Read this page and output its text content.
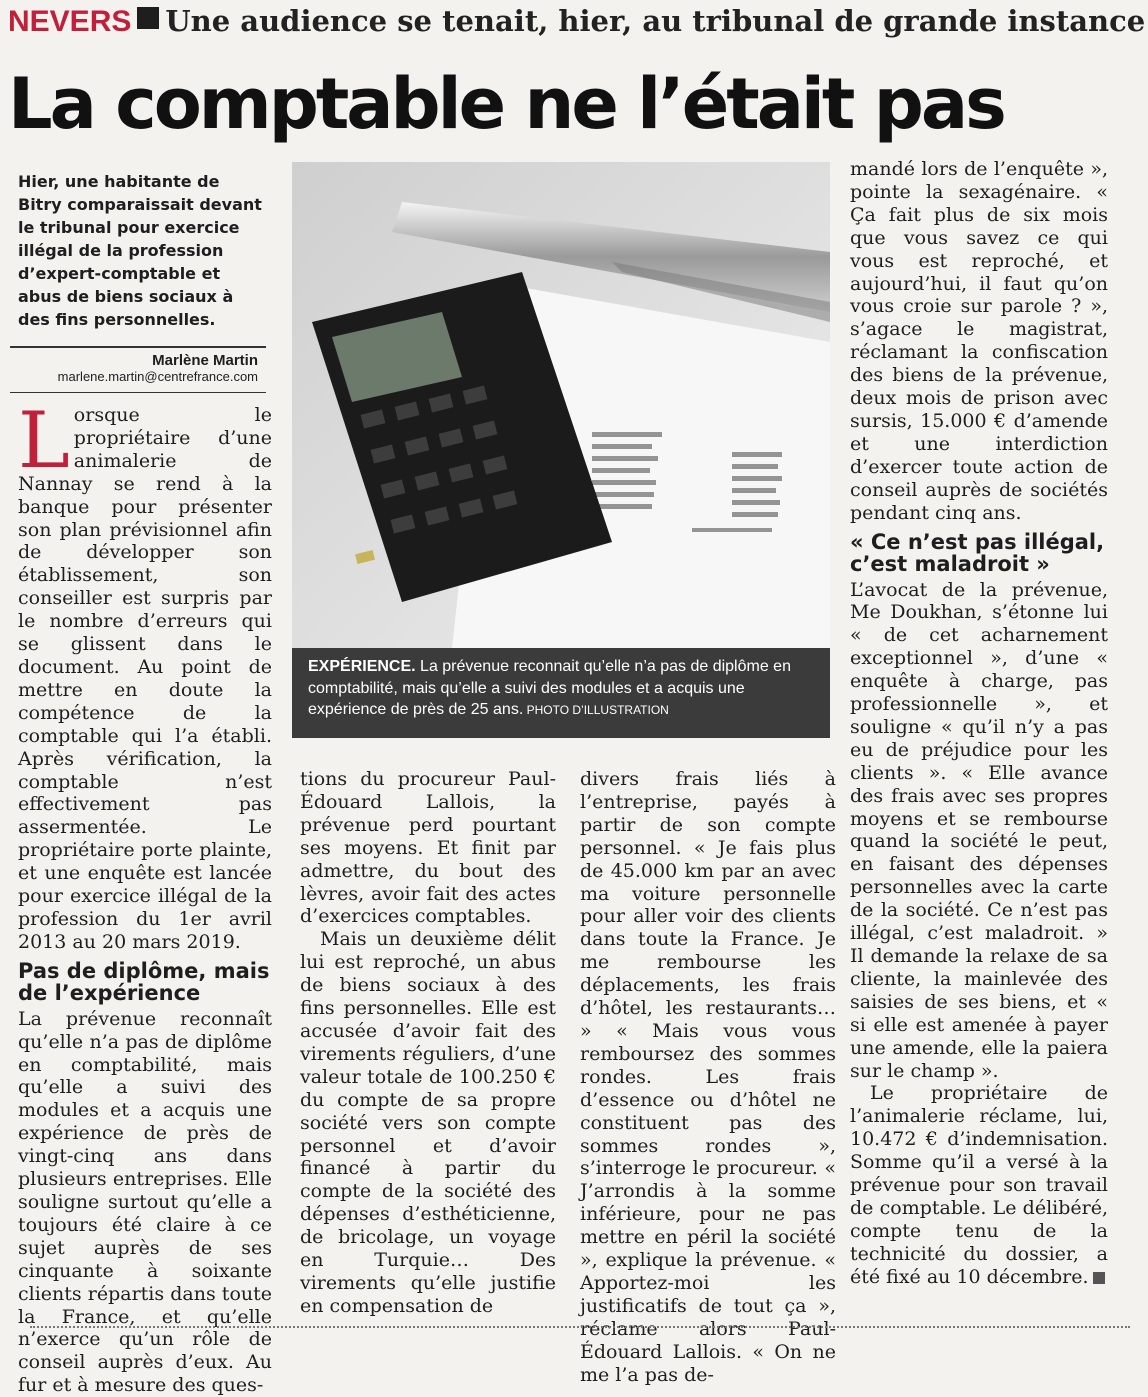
NEVERS Une audience se tenait, hier, au tribunal de grande instance
La comptable ne l’était pas
Hier, une habitante de Bitry comparaissait devant le tribunal pour exercice illégal de la profession d’expert-comptable et abus de biens sociaux à des fins personnelles.
Marlène Martin
marlene.martin@centrefrance.com

Lorsque le propriétaire d’une animalerie de Nannay se rend à la banque pour présenter son plan prévisionnel afin de développer son établissement, son conseiller est surpris par le nombre d’erreurs qui se glissent dans le document. Au point de mettre en doute la compétence de la comptable qui l’a établi. Après vérification, la comptable n’est effectivement pas assermentée. Le propriétaire porte plainte, et une enquête est lancée pour exercice illégal de la profession du 1er avril 2013 au 20 mars 2019.

Pas de diplôme, mais de l’expérience

La prévenue reconnaît qu’elle n’a pas de diplôme en comptabilité, mais qu’elle a suivi des modules et a acquis une expérience de près de vingt-cinq ans dans plusieurs entreprises. Elle souligne surtout qu’elle a toujours été claire à ce sujet auprès de ses cinquante à soixante clients répartis dans toute la France, et qu’elle n’exerce qu’un rôle de conseil auprès d’eux. Au fur et à mesure des ques-

EXPÉRIENCE. La prévenue reconnait qu’elle n’a pas de diplôme en comptabilité, mais qu’elle a suivi des modules et a acquis une expérience de près de 25 ans. PHOTO D’ILLUSTRATION

tions du procureur Paul-Édouard Lallois, la prévenue perd pourtant ses moyens. Et finit par admettre, du bout des lèvres, avoir fait des actes d’exercices comptables.

Mais un deuxième délit lui est reproché, un abus de biens sociaux à des fins personnelles. Elle est accusée d’avoir fait des virements réguliers, d’une valeur totale de 100.250 € du compte de sa propre société vers son compte personnel et d’avoir financé à partir du compte de la société des dépenses d’esthéticienne, de bricolage, un voyage en Turquie… Des virements qu’elle justifie en compensation de

divers frais liés à l’entreprise, payés à partir de son compte personnel. « Je fais plus de 45.000 km par an avec ma voiture personnelle pour aller voir des clients dans toute la France. Je me rembourse les déplacements, les frais d’hôtel, les restaurants… » « Mais vous vous remboursez des sommes rondes. Les frais d’essence ou d’hôtel ne constituent pas des sommes rondes », s’interroge le procureur. « J’arrondis à la somme inférieure, pour ne pas mettre en péril la société », explique la prévenue. « Apportez-moi les justificatifs de tout ça », réclame alors Paul-Édouard Lallois. « On ne me l’a pas de-

mandé lors de l’enquête », pointe la sexagénaire. « Ça fait plus de six mois que vous savez ce qui vous est reproché, et aujourd’hui, il faut qu’on vous croie sur parole ? », s’agace le magistrat, réclamant la confiscation des biens de la prévenue, deux mois de prison avec sursis, 15.000 € d’amende et une interdiction d’exercer toute action de conseil auprès de sociétés pendant cinq ans.

« Ce n’est pas illégal, c’est maladroit »

L’avocat de la prévenue, Me Doukhan, s’étonne lui « de cet acharnement exceptionnel », d’une « enquête à charge, pas professionnelle », et souligne « qu’il n’y a pas eu de préjudice pour les clients ». « Elle avance des frais avec ses propres moyens et se rembourse quand la société le peut, en faisant des dépenses personnelles avec la carte de la société. Ce n’est pas illégal, c’est maladroit. » Il demande la relaxe de sa cliente, la mainlevée des saisies de ses biens, et « si elle est amenée à payer une amende, elle la paiera sur le champ ».

Le propriétaire de l’animalerie réclame, lui, 10.472 € d’indemnisation. Somme qu’il a versé à la prévenue pour son travail de comptable. Le délibéré, compte tenu de la technicité du dossier, a été fixé au 10 décembre.
